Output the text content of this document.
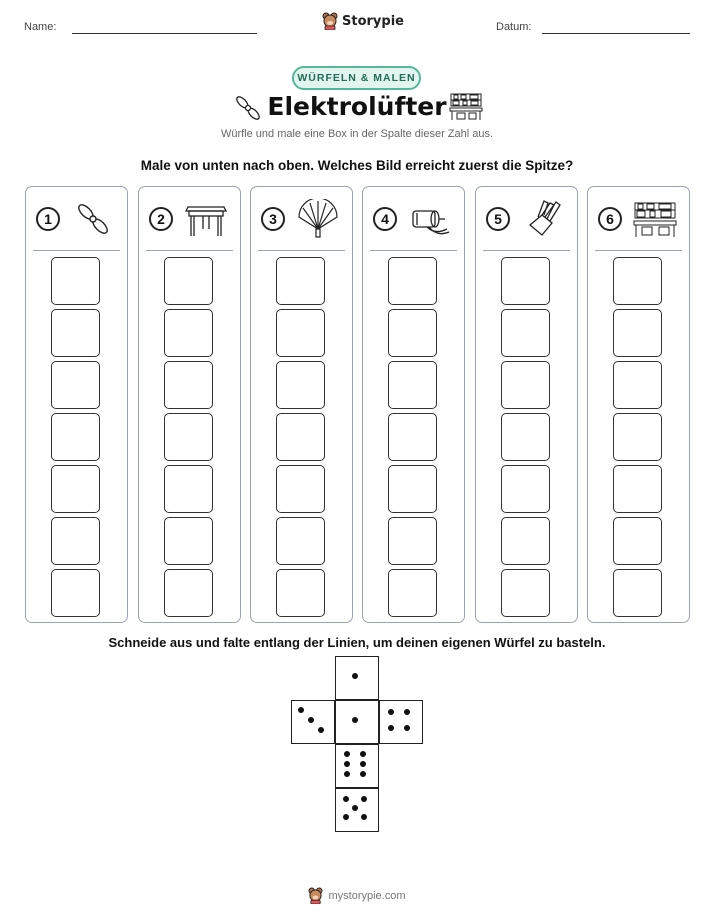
Name:	Storypie	Datum:
WÜRFELN & MALEN
Elektrolüfter
Würfle und male eine Box in der Spalte dieser Zahl aus.
Male von unten nach oben. Welches Bild erreicht zuerst die Spitze?
1	2	3	4	5	6
Schneide aus und falte entlang der Linien, um deinen eigenen Würfel zu basteln.
mystorypie.com
